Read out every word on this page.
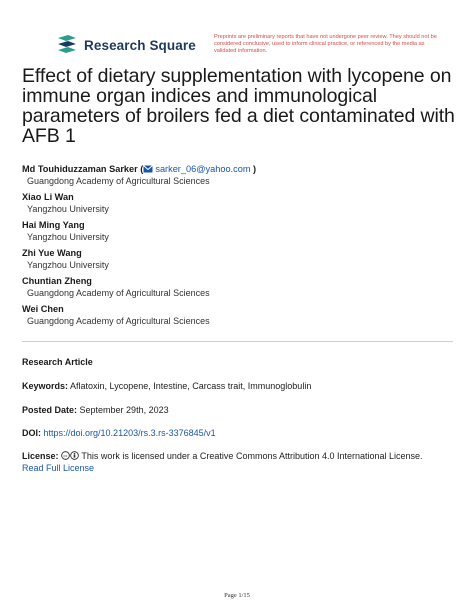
Research Square
Preprints are preliminary reports that have not undergone peer review. They should not be considered conclusive, used to inform clinical practice, or referenced by the media as validated information.
Effect of dietary supplementation with lycopene on immune organ indices and immunological parameters of broilers fed a diet contaminated with AFB 1
Md Touhiduzzaman Sarker ( sarker_06@yahoo.com )
Guangdong Academy of Agricultural Sciences
Xiao Li Wan
Yangzhou University
Hai Ming Yang
Yangzhou University
Zhi Yue Wang
Yangzhou University
Chuntian Zheng
Guangdong Academy of Agricultural Sciences
Wei Chen
Guangdong Academy of Agricultural Sciences
Research Article
Keywords: Aflatoxin, Lycopene, Intestine, Carcass trait, Immunoglobulin
Posted Date: September 29th, 2023
DOI: https://doi.org/10.21203/rs.3.rs-3376845/v1
License: cc This work is licensed under a Creative Commons Attribution 4.0 International License.
Read Full License
Page 1/15
